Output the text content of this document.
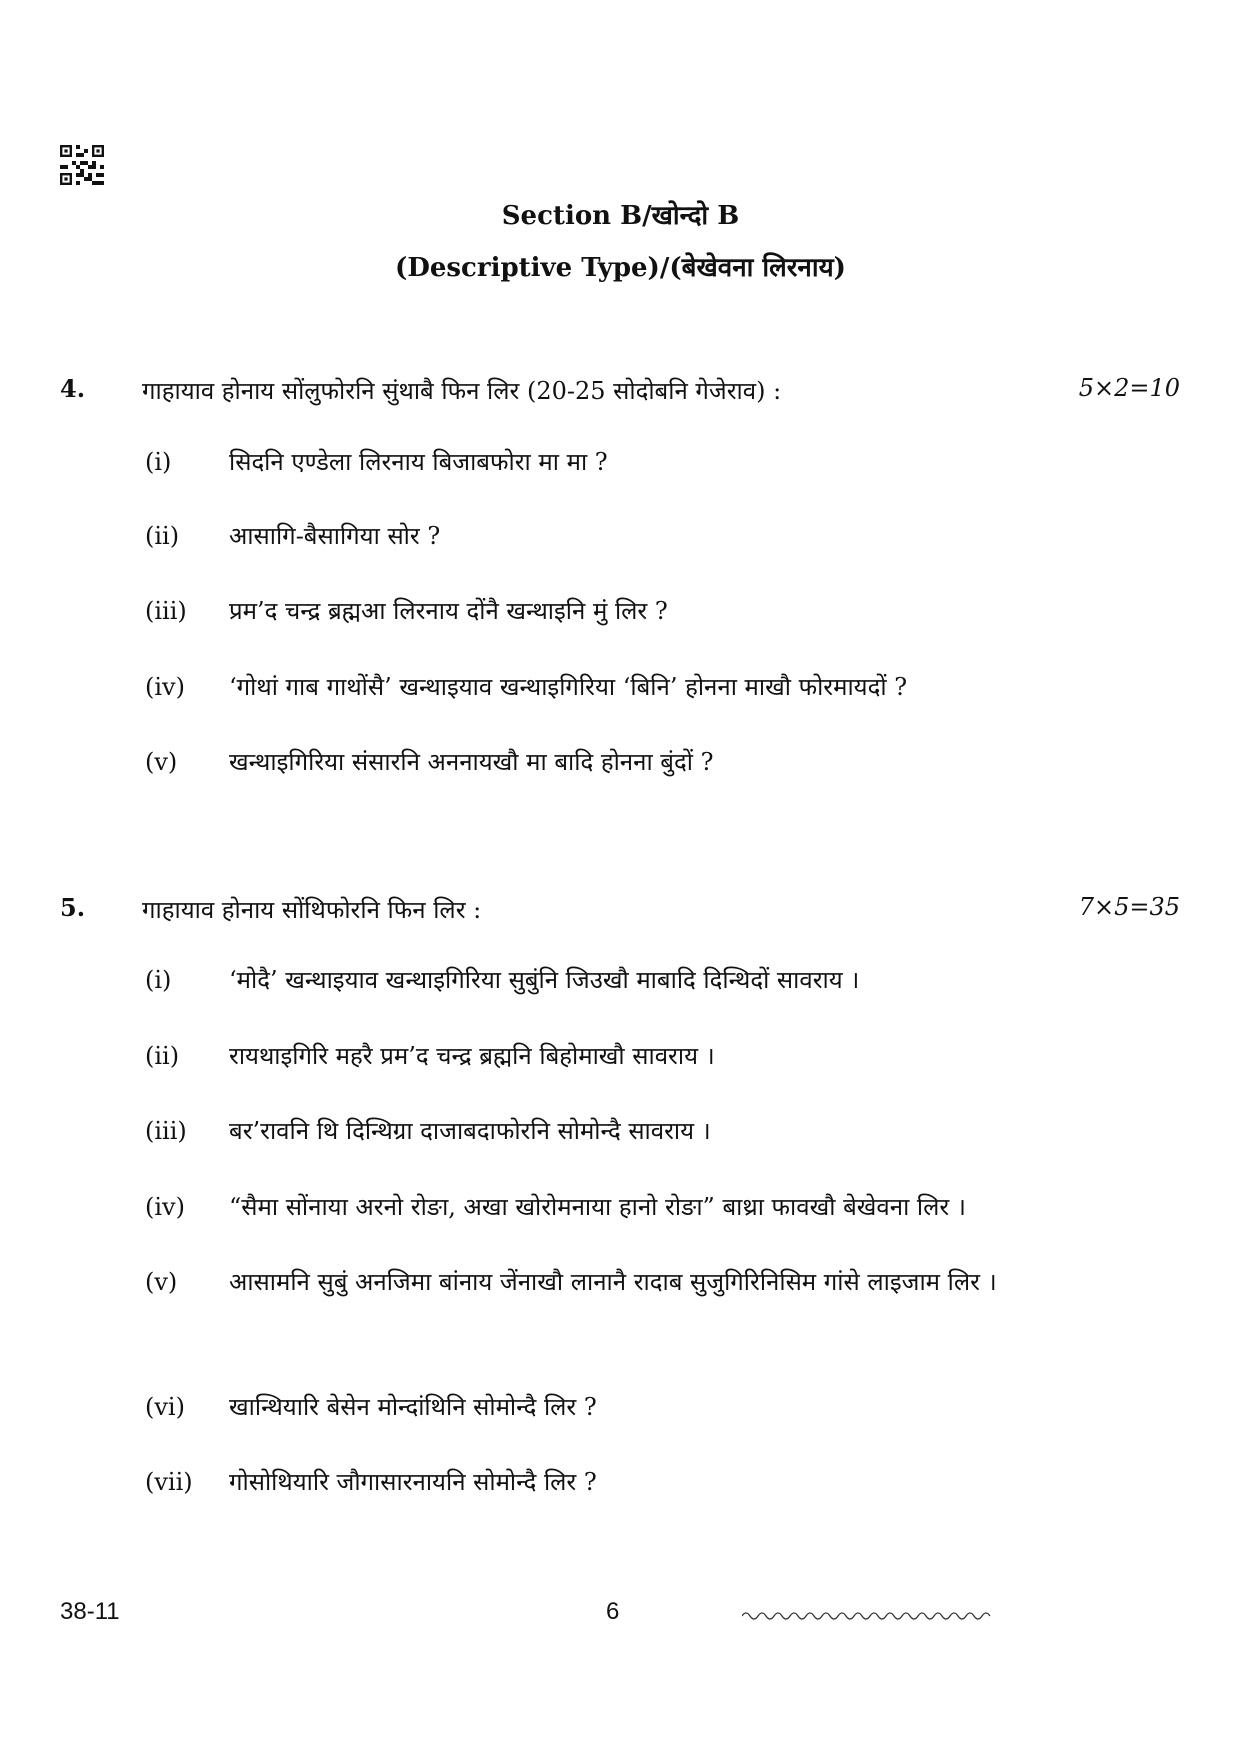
Section B/खोन्दो B
(Descriptive Type)/(बेखेवना लिरनाय)
4. गाहायाव होनाय सोंलुफोरनि सुंथाबै फिन लिर (20-25 सोदोबनि गेजेराव) :	5×2=10
(i)	सिदनि एण्डेला लिरनाय बिजाबफोरा मा मा ?
(ii)	आसागि-बैसागिया सोर ?
(iii)	प्रम’द चन्द्र ब्रह्मआ लिरनाय दोंनै खन्थाइनि मुं लिर ?
(iv)	‘गोथां गाब गाथोंसै’ खन्थाइयाव खन्थाइगिरिया ‘बिनि’ होनना माखौ फोरमायदों ?
(v)	खन्थाइगिरिया संसारनि अननायखौ मा बादि होनना बुंदों ?
5. गाहायाव होनाय सोंथिफोरनि फिन लिर :	7×5=35
(i)	‘मोदै’ खन्थाइयाव खन्थाइगिरिया सुबुंनि जिउखौ माबादि दिन्थिदों सावराय ।
(ii)	रायथाइगिरि महरै प्रम’द चन्द्र ब्रह्मनि बिहोमाखौ सावराय ।
(iii)	बर’रावनि थि दिन्थिग्रा दाजाबदाफोरनि सोमोन्दै सावराय ।
(iv)	“सैमा सोंनाया अरनो रोङा, अखा खोरोमनाया हानो रोङा” बाथ्रा फावखौ बेखेवना लिर ।
(v)	आसामनि सुबुं अनजिमा बांनाय जेंनाखौ लानानै रादाब सुजुगिरिनिसिम गांसे लाइजाम लिर ।
(vi)	खान्थियारि बेसेन मोन्दांथिनि सोमोन्दै लिर ?
(vii)	गोसोथियारि जौगासारनायनि सोमोन्दै लिर ?
38-11	6
